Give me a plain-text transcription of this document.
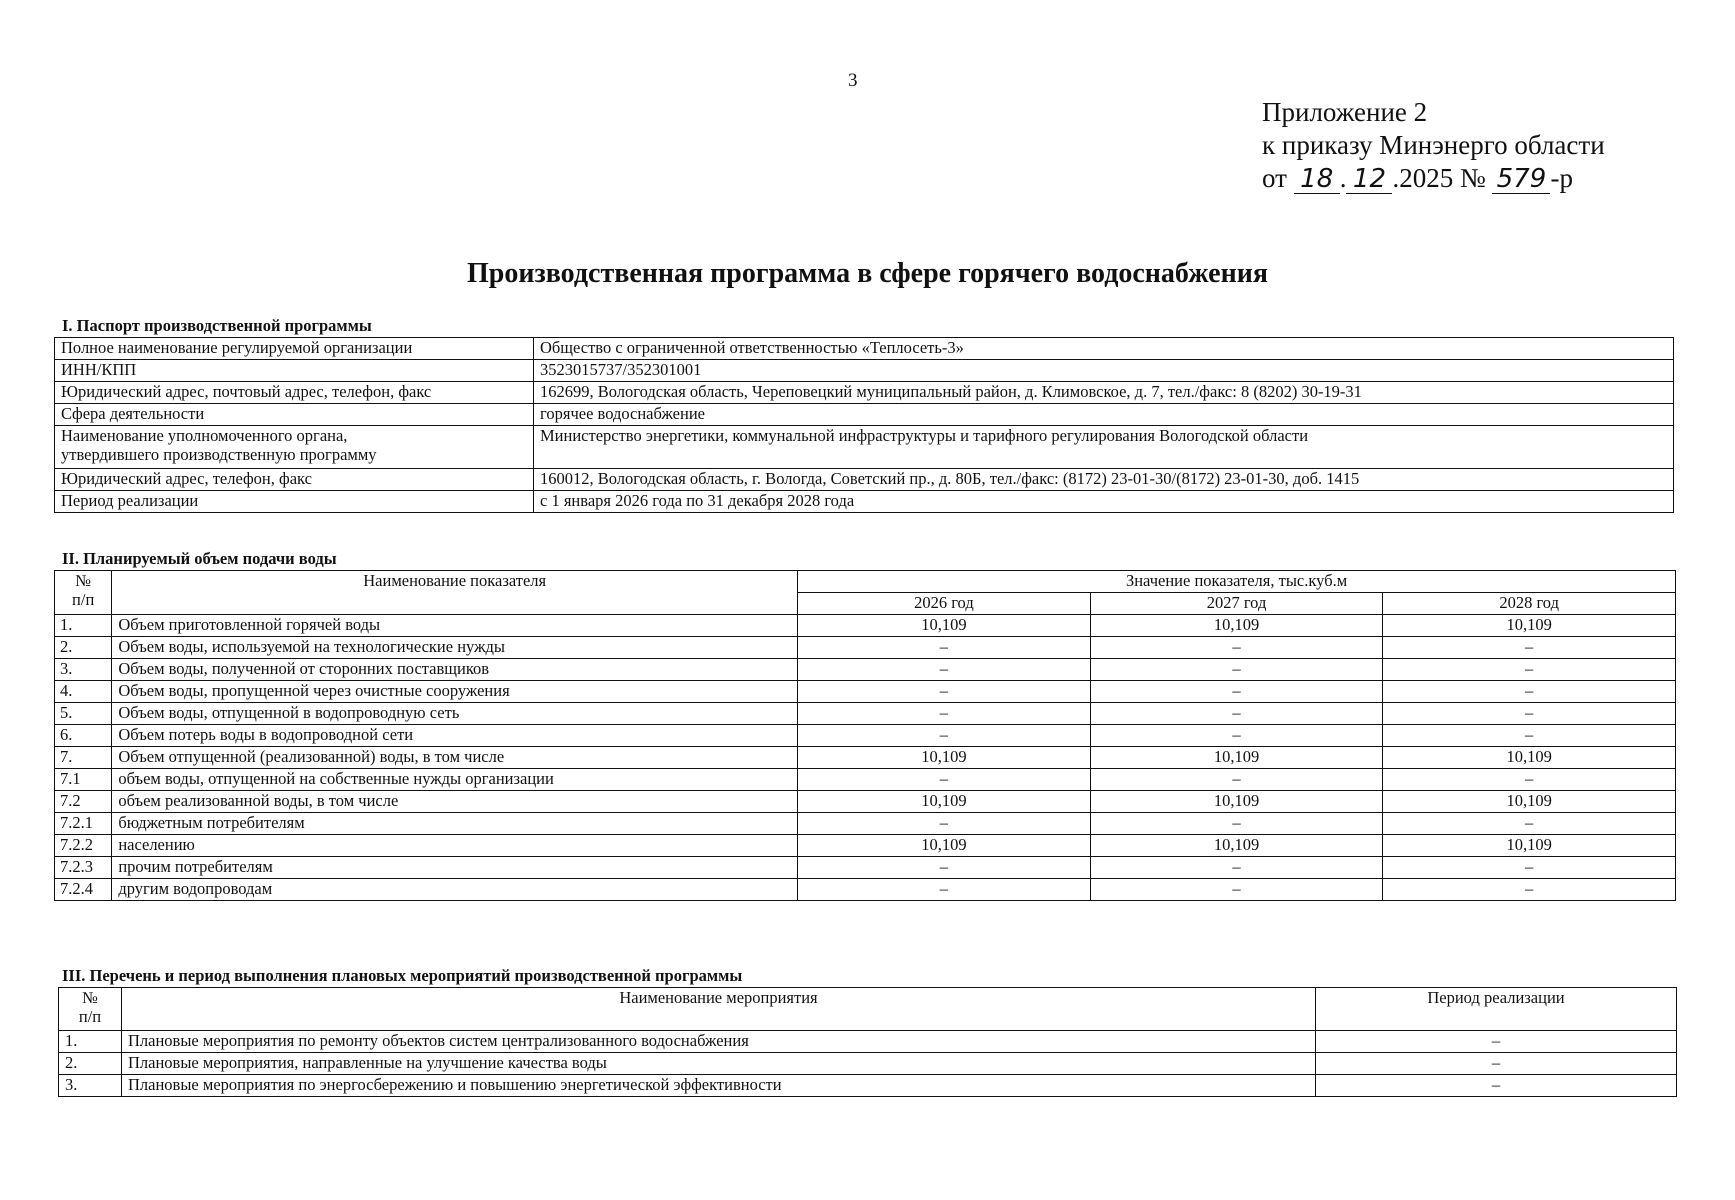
3
Приложение 2
к приказу Минэнерго области
от 18 . 12 .2025 № 579 -р
Производственная программа в сфере горячего водоснабжения
I. Паспорт производственной программы
Полное наименование регулируемой организации	Общество с ограниченной ответственностью «Теплосеть-3»
ИНН/КПП	3523015737/352301001
Юридический адрес, почтовый адрес, телефон, факс	162699, Вологодская область, Череповецкий муниципальный район, д. Климовское, д. 7, тел./факс: 8 (8202) 30-19-31
Сфера деятельности	горячее водоснабжение

Наименование уполномоченного органа,
утвердившего производственную программу	Министерство энергетики, коммунальной инфраструктуры и тарифного регулирования Вологодской области
Юридический адрес, телефон, факс	160012, Вологодская область, г. Вологда, Советский пр., д. 80Б, тел./факс: (8172) 23-01-30/(8172) 23-01-30, доб. 1415
Период реализации	с 1 января 2026 года по 31 декабря 2028 года
II. Планируемый объем подачи воды
№
п/п	Наименование показателя	Значение показателя, тыс.куб.м		
		2026 год	2027 год	2028 год
1.	Объем приготовленной горячей воды	10,109	10,109	10,109
2.	Объем воды, используемой на технологические нужды	–	–	–
3.	Объем воды, полученной от сторонних поставщиков	–	–	–
4.	Объем воды, пропущенной через очистные сооружения	–	–	–
5.	Объем воды, отпущенной в водопроводную сеть	–	–	–
6.	Объем потерь воды в водопроводной сети	–	–	–
7.	Объем отпущенной (реализованной) воды, в том числе	10,109	10,109	10,109
7.1	объем воды, отпущенной на собственные нужды организации	–	–	–
7.2	объем реализованной воды, в том числе	10,109	10,109	10,109
7.2.1	бюджетным потребителям	–	–	–
7.2.2	населению	10,109	10,109	10,109
7.2.3	прочим потребителям	–	–	–
7.2.4	другим водопроводам	–	–	–
III. Перечень и период выполнения плановых мероприятий производственной программы
№
п/п	Наименование мероприятия	Период реализации
1.	Плановые мероприятия по ремонту объектов систем централизованного водоснабжения	–
2.	Плановые мероприятия, направленные на улучшение качества воды	–
3.	Плановые мероприятия по энергосбережению и повышению энергетической эффективности	–
